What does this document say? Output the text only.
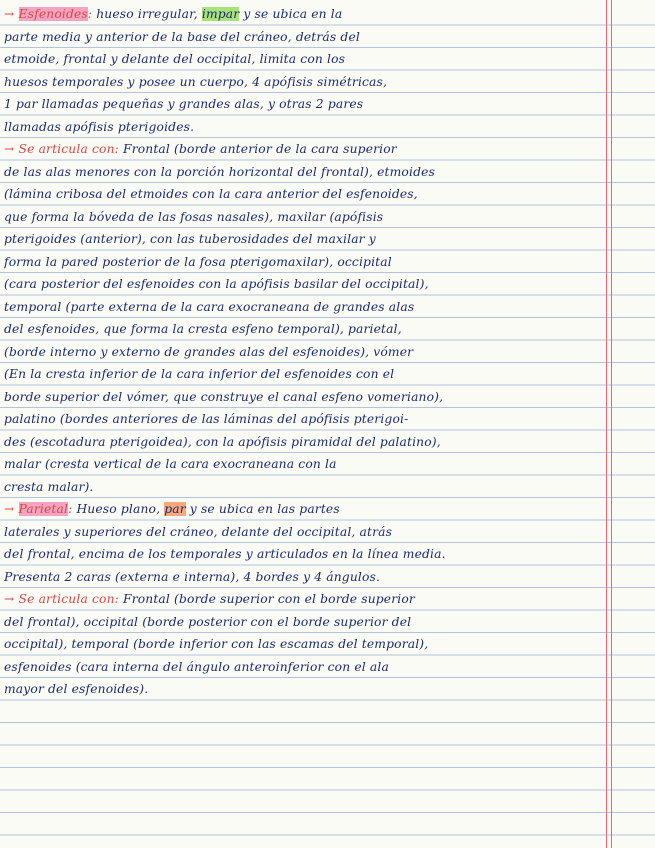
→ Esfenoides: hueso irregular, impar y se ubica en la
parte media y anterior de la base del cráneo, detrás del
etmoide, frontal y delante del occipital, limita con los
huesos temporales y posee un cuerpo, 4 apófisis simétricas,
1 par llamadas pequeñas y grandes alas, y otras 2 pares
llamadas apófisis pterigoides.
→ Se articula con: Frontal (borde anterior de la cara superior
de las alas menores con la porción horizontal del frontal), etmoides
(lámina cribosa del etmoides con la cara anterior del esfenoides,
que forma la bóveda de las fosas nasales), maxilar (apófisis
pterigoides (anterior), con las tuberosidades del maxilar y
forma la pared posterior de la fosa pterigomaxilar), occipital
(cara posterior del esfenoides con la apófisis basilar del occipital),
temporal (parte externa de la cara exocraneana de grandes alas
del esfenoides, que forma la cresta esfeno temporal), parietal,
(borde interno y externo de grandes alas del esfenoides), vómer
(En la cresta inferior de la cara inferior del esfenoides con el
borde superior del vómer, que construye el canal esfeno vomeriano),
palatino (bordes anteriores de las láminas del apófisis pterigoi-
des (escotadura pterigoidea), con la apófisis piramidal del palatino),
malar (cresta vertical de la cara exocraneana con la
cresta malar).
→ Parietal: Hueso plano, par y se ubica en las partes
laterales y superiores del cráneo, delante del occipital, atrás
del frontal, encima de los temporales y articulados en la línea media.
Presenta 2 caras (externa e interna), 4 bordes y 4 ángulos.
→ Se articula con: Frontal (borde superior con el borde superior
del frontal), occipital (borde posterior con el borde superior del
occipital), temporal (borde inferior con las escamas del temporal),
esfenoides (cara interna del ángulo anteroinferior con el ala
mayor del esfenoides).
